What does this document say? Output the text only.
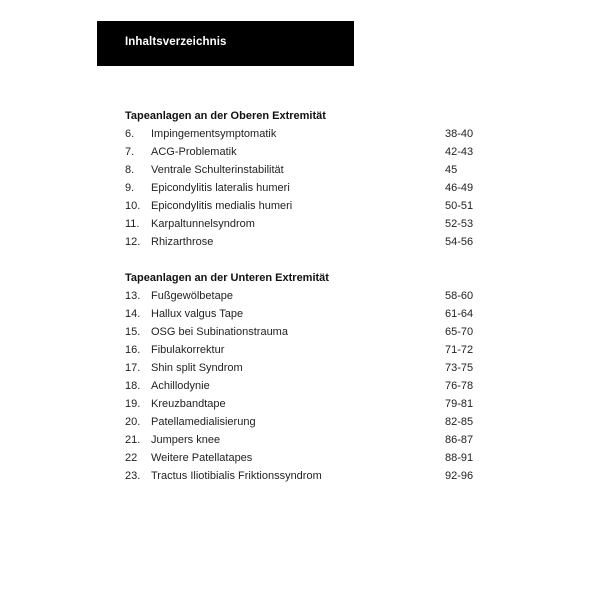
Inhaltsverzeichnis
Tapeanlagen an der Oberen Extremität
6. Impingementsymptomatik	38-40
7. ACG-Problematik	42-43
8. Ventrale Schulterinstabilität	45
9. Epicondylitis lateralis humeri	46-49
10. Epicondylitis medialis humeri	50-51
11. Karpaltunnelsyndrom	52-53
12. Rhizarthrose	54-56
Tapeanlagen an der Unteren Extremität
13. Fußgewölbetape	58-60
14. Hallux valgus Tape	61-64
15. OSG bei Subinationstrauma	65-70
16. Fibulakorrektur	71-72
17. Shin split Syndrom	73-75
18. Achillodynie	76-78
19. Kreuzbandtape	79-81
20. Patellamedialisierung	82-85
21. Jumpers knee	86-87
22 Weitere Patellatapes	88-91
23. Tractus Iliotibialis Friktionssyndrom	92-96
